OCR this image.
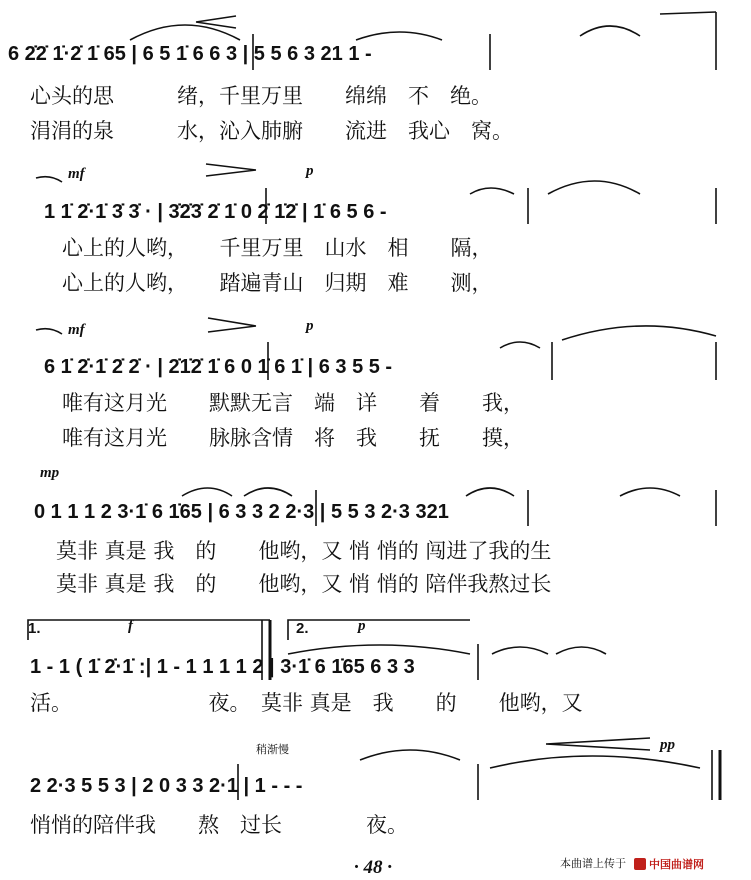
6 2̇2̇ 1̇·2̇ 1̇ 65 | 6 5 1̇ 6 6 3 | 5 5 6 3 21 1 -
心头的思　　　绪，千里万里　　绵绵　不　绝。
涓涓的泉　　　水，沁入肺腑　　流进　我心　窝。
mf	p
1 1̇ 2̇·1̇ 3̇ 3̇ · | 3̇2̇3̇ 2̇ 1̇ 0 2̇ 1̇2̇ | 1̇ 6 5 6 -
心上的人哟，　　千里万里　山水　相　　隔，
心上的人哟，　　踏遍青山　归期　难　　测，
mf	p
6 1̇ 2̇·1̇ 2̇ 2̇ · | 2̇1̇2̇ 1̇ 6 0 1̇ 6 1̇ | 6 3 5 5 -
唯有这月光　　默默无言　端　详　　着　　我，
唯有这月光　　脉脉含情　将　我　　抚　　摸，
mp
0 1 1 1 2 3·1̇ 6 1̇65 | 6 3 3 2 2·3 | 5 5 3 2·3 321
莫非 真是 我　的　　他哟，又 悄 悄的 闯进了我的生
莫非 真是 我　的　　他哟，又 悄 悄的 陪伴我熬过长
1.	f	2.	p
1 - 1 ( 1̇ 2̇·1̇ :| 1 - 1 1 1 1 2 | 3·1̇ 6 1̇65 6 3 3
活。　　　　　　　夜。　莫非 真是　我　　的　　他哟，又
稍渐慢	pp
2 2·3 5 5 3 | 2 0 3 3 2·1 | 1 - - -
悄悄的陪伴我　　熬　过长　　　　夜。
· 48 ·	本曲谱上传于 中国曲谱网
